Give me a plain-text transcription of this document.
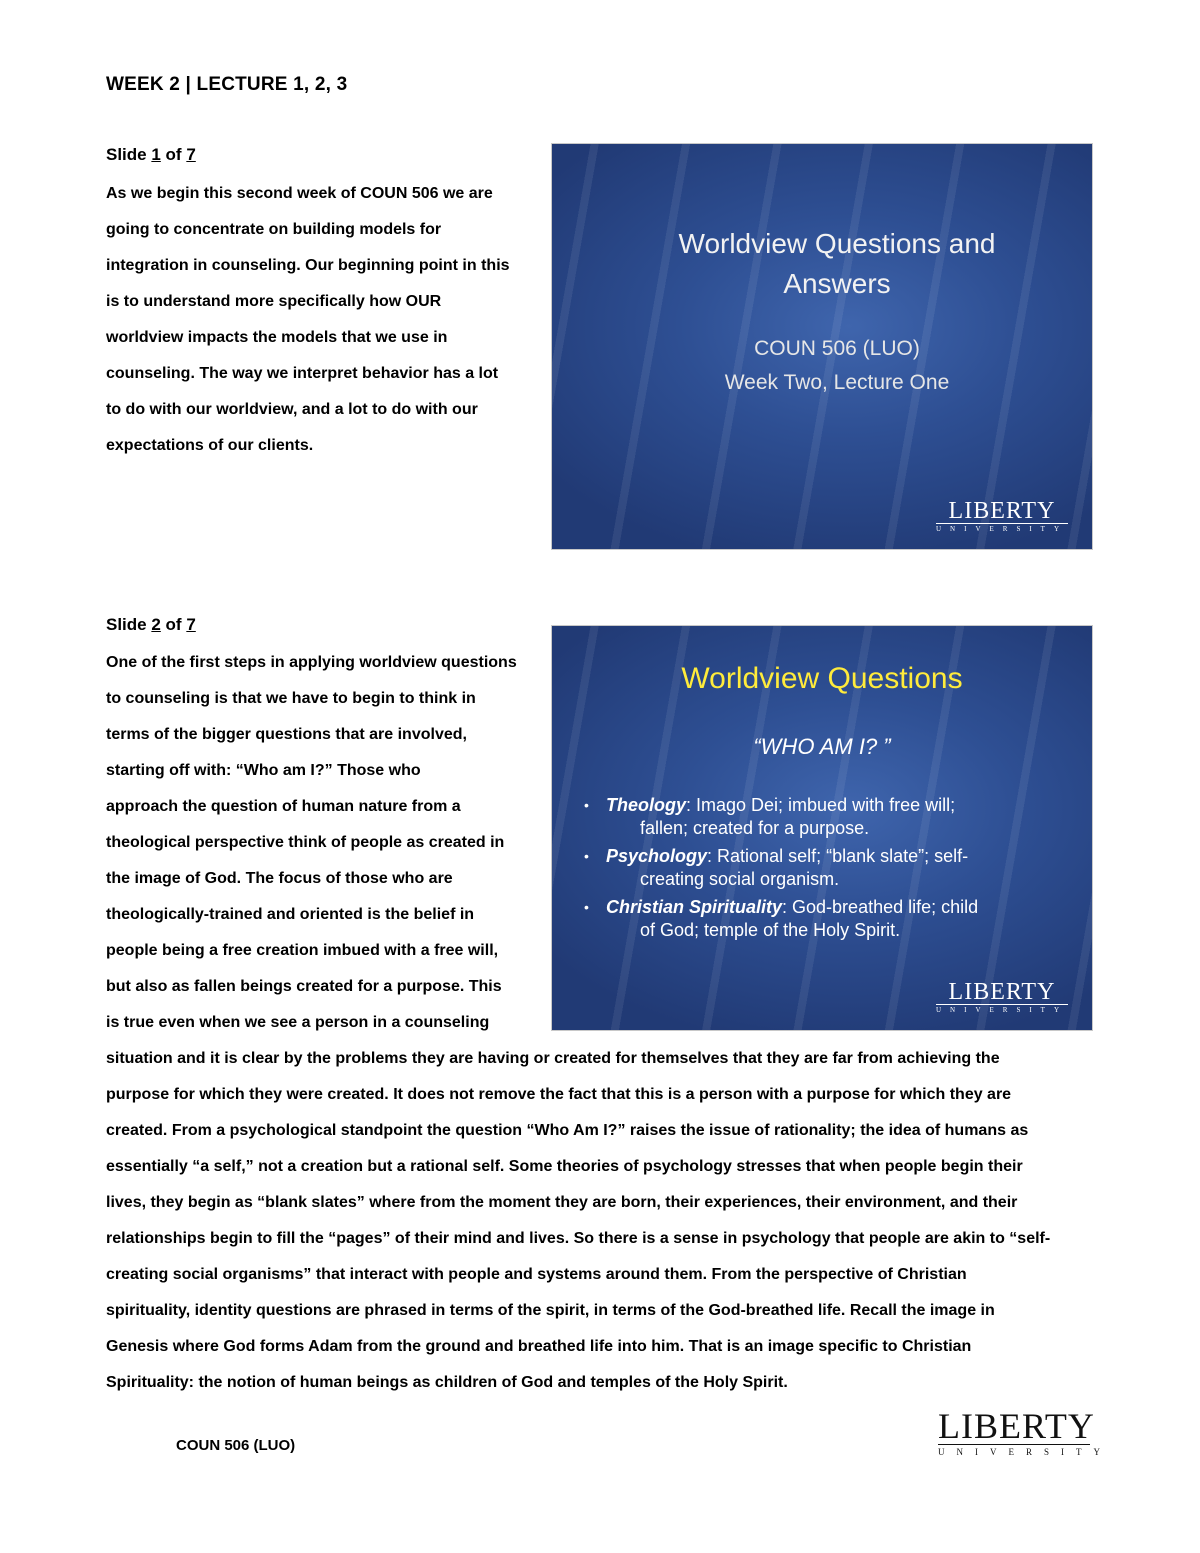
WEEK 2 | LECTURE 1, 2, 3
Slide 1 of 7
As we begin this second week of COUN 506 we are
going to concentrate on building models for
integration in counseling. Our beginning point in this
is to understand more specifically how OUR
worldview impacts the models that we use in
counseling. The way we interpret behavior has a lot
to do with our worldview, and a lot to do with our
expectations of our clients.
Worldview Questions and
Answers
COUN 506 (LUO)
Week Two, Lecture One
LIBERTY
UNIVERSITY
Slide 2 of 7
One of the first steps in applying worldview questions
to counseling is that we have to begin to think in
terms of the bigger questions that are involved,
starting off with: “Who am I?” Those who
approach the question of human nature from a
theological perspective think of people as created in
the image of God. The focus of those who are
theologically-trained and oriented is the belief in
people being a free creation imbued with a free will,
but also as fallen beings created for a purpose. This
is true even when we see a person in a counseling
situation and it is clear by the problems they are having or created for themselves that they are far from achieving the
purpose for which they were created. It does not remove the fact that this is a person with a purpose for which they are
created. From a psychological standpoint the question “Who Am I?” raises the issue of rationality; the idea of humans as
essentially “a self,” not a creation but a rational self. Some theories of psychology stresses that when people begin their
lives, they begin as “blank slates” where from the moment they are born, their experiences, their environment, and their
relationships begin to fill the “pages” of their mind and lives. So there is a sense in psychology that people are akin to “self-
creating social organisms” that interact with people and systems around them. From the perspective of Christian
spirituality, identity questions are phrased in terms of the spirit, in terms of the God-breathed life. Recall the image in
Genesis where God forms Adam from the ground and breathed life into him. That is an image specific to Christian
Spirituality: the notion of human beings as children of God and temples of the Holy Spirit.
Worldview Questions
“WHO AM I? ”
• Theology: Imago Dei; imbued with free will;
fallen; created for a purpose.
• Psychology: Rational self; “blank slate”; self-
creating social organism.
• Christian Spirituality: God-breathed life; child
of God; temple of the Holy Spirit.
LIBERTY
UNIVERSITY
COUN 506 (LUO)	LIBERTY
UNIVERSITY
